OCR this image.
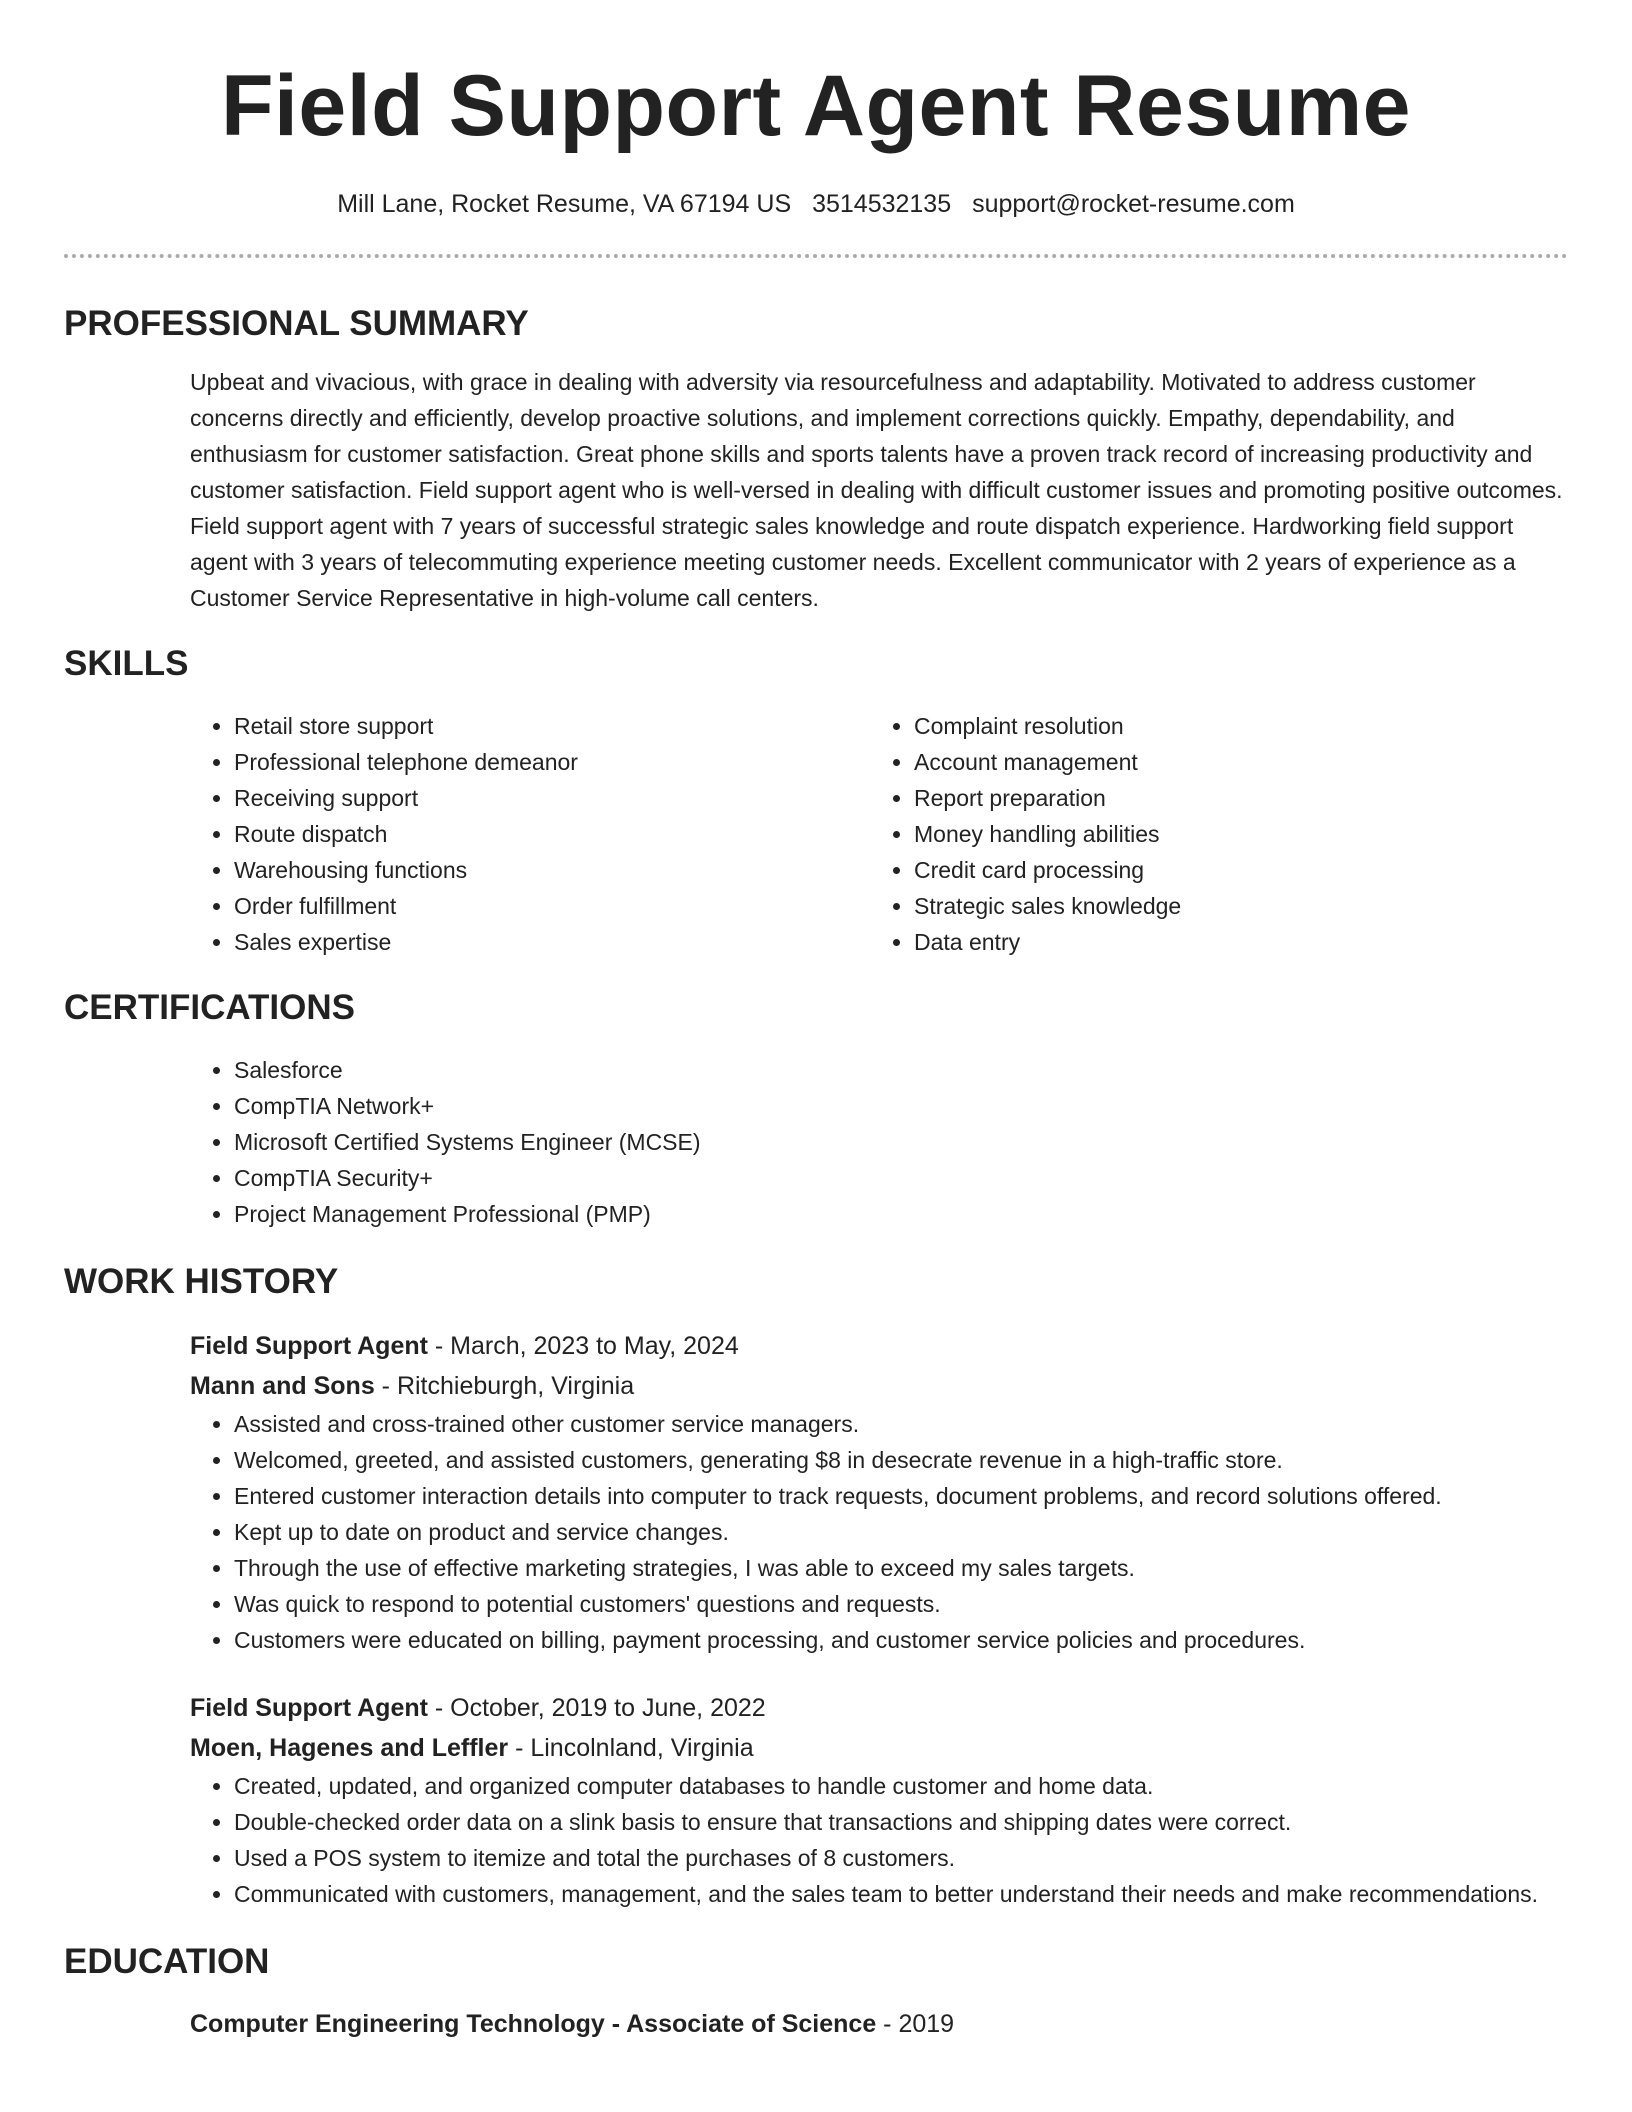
Field Support Agent Resume
Mill Lane, Rocket Resume, VA 67194 US 3514532135 support@rocket-resume.com
PROFESSIONAL SUMMARY
Upbeat and vivacious, with grace in dealing with adversity via resourcefulness and adaptability. Motivated to address customer concerns directly and efficiently, develop proactive solutions, and implement corrections quickly. Empathy, dependability, and enthusiasm for customer satisfaction. Great phone skills and sports talents have a proven track record of increasing productivity and customer satisfaction. Field support agent who is well-versed in dealing with difficult customer issues and promoting positive outcomes. Field support agent with 7 years of successful strategic sales knowledge and route dispatch experience. Hardworking field support agent with 3 years of telecommuting experience meeting customer needs. Excellent communicator with 2 years of experience as a Customer Service Representative in high-volume call centers.
SKILLS
• Retail store support
• Professional telephone demeanor
• Receiving support
• Route dispatch
• Warehousing functions
• Order fulfillment
• Sales expertise
• Complaint resolution
• Account management
• Report preparation
• Money handling abilities
• Credit card processing
• Strategic sales knowledge
• Data entry
CERTIFICATIONS
• Salesforce
• CompTIA Network+
• Microsoft Certified Systems Engineer (MCSE)
• CompTIA Security+
• Project Management Professional (PMP)
WORK HISTORY
Field Support Agent - March, 2023 to May, 2024
Mann and Sons - Ritchieburgh, Virginia
• Assisted and cross-trained other customer service managers.
• Welcomed, greeted, and assisted customers, generating $8 in desecrate revenue in a high-traffic store.
• Entered customer interaction details into computer to track requests, document problems, and record solutions offered.
• Kept up to date on product and service changes.
• Through the use of effective marketing strategies, I was able to exceed my sales targets.
• Was quick to respond to potential customers' questions and requests.
• Customers were educated on billing, payment processing, and customer service policies and procedures.
Field Support Agent - October, 2019 to June, 2022
Moen, Hagenes and Leffler - Lincolnland, Virginia
• Created, updated, and organized computer databases to handle customer and home data.
• Double-checked order data on a slink basis to ensure that transactions and shipping dates were correct.
• Used a POS system to itemize and total the purchases of 8 customers.
• Communicated with customers, management, and the sales team to better understand their needs and make recommendations.
EDUCATION
Computer Engineering Technology - Associate of Science - 2019
